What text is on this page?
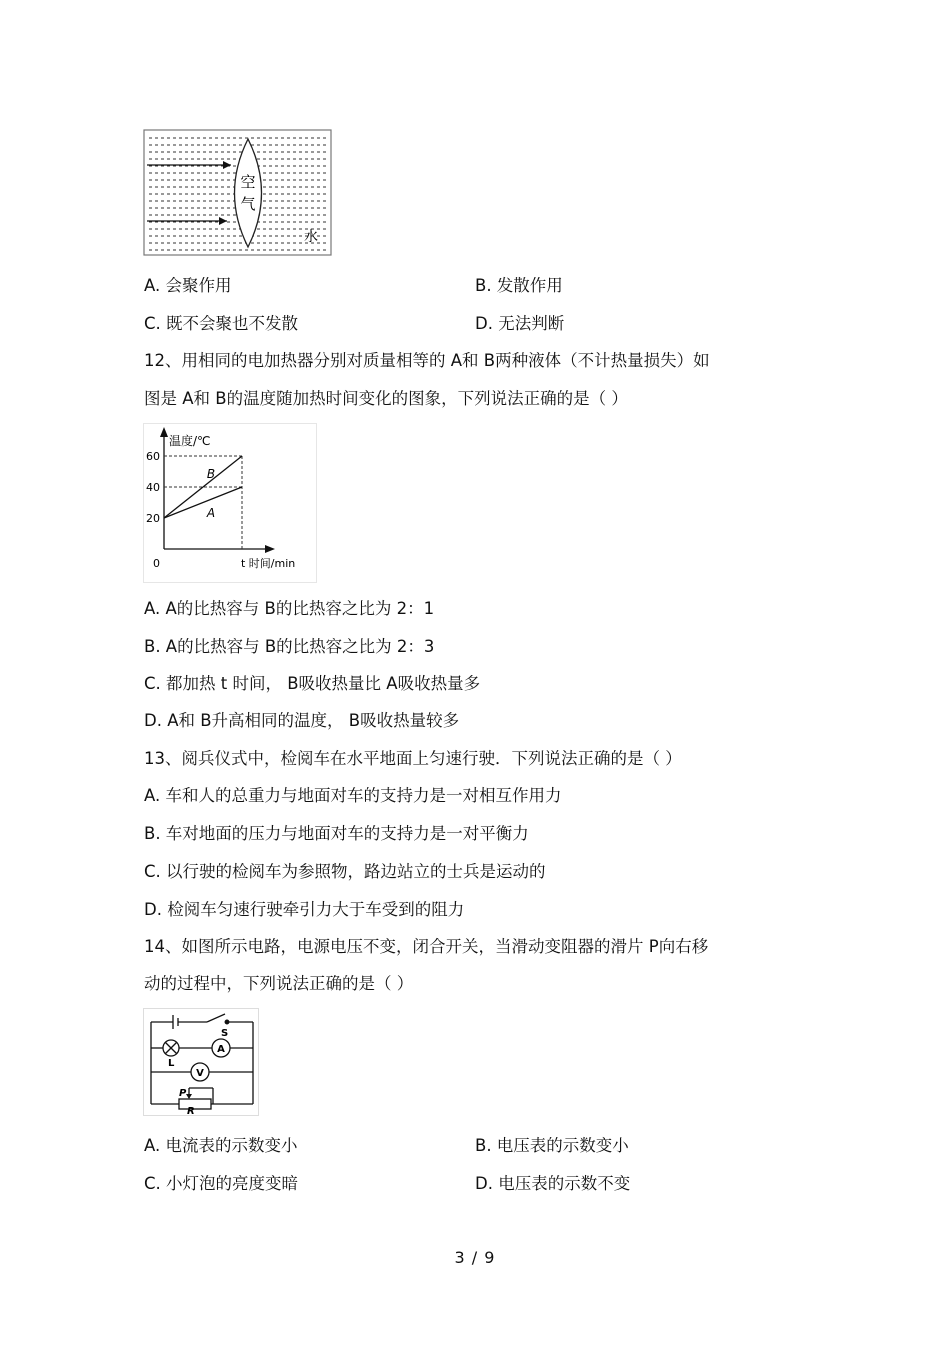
空
气
水
A. 会聚作用	B. 发散作用
C. 既不会聚也不发散	D. 无法判断
12、用相同的电加热器分别对质量相等的 A和 B两种液体（不计热量损失）如
图是 A和 B的温度随加热时间变化的图象，下列说法正确的是（ ）
温度/℃
t 时间/min
0
60
40
20
B
A
A. A的比热容与 B的比热容之比为 2：1
B. A的比热容与 B的比热容之比为 2：3
C. 都加热 t 时间， B吸收热量比 A吸收热量多
D. A和 B升高相同的温度， B吸收热量较多
13、阅兵仪式中，检阅车在水平地面上匀速行驶．下列说法正确的是（ ）
A. 车和人的总重力与地面对车的支持力是一对相互作用力
B. 车对地面的压力与地面对车的支持力是一对平衡力
C. 以行驶的检阅车为参照物，路边站立的士兵是运动的
D. 检阅车匀速行驶牵引力大于车受到的阻力
14、如图所示电路，电源电压不变，闭合开关，当滑动变阻器的滑片 P向右移
动的过程中，下列说法正确的是（ ）
A
V
S
L
P
R
A. 电流表的示数变小	B. 电压表的示数变小
C. 小灯泡的亮度变暗	D. 电压表的示数不变
3 / 9
